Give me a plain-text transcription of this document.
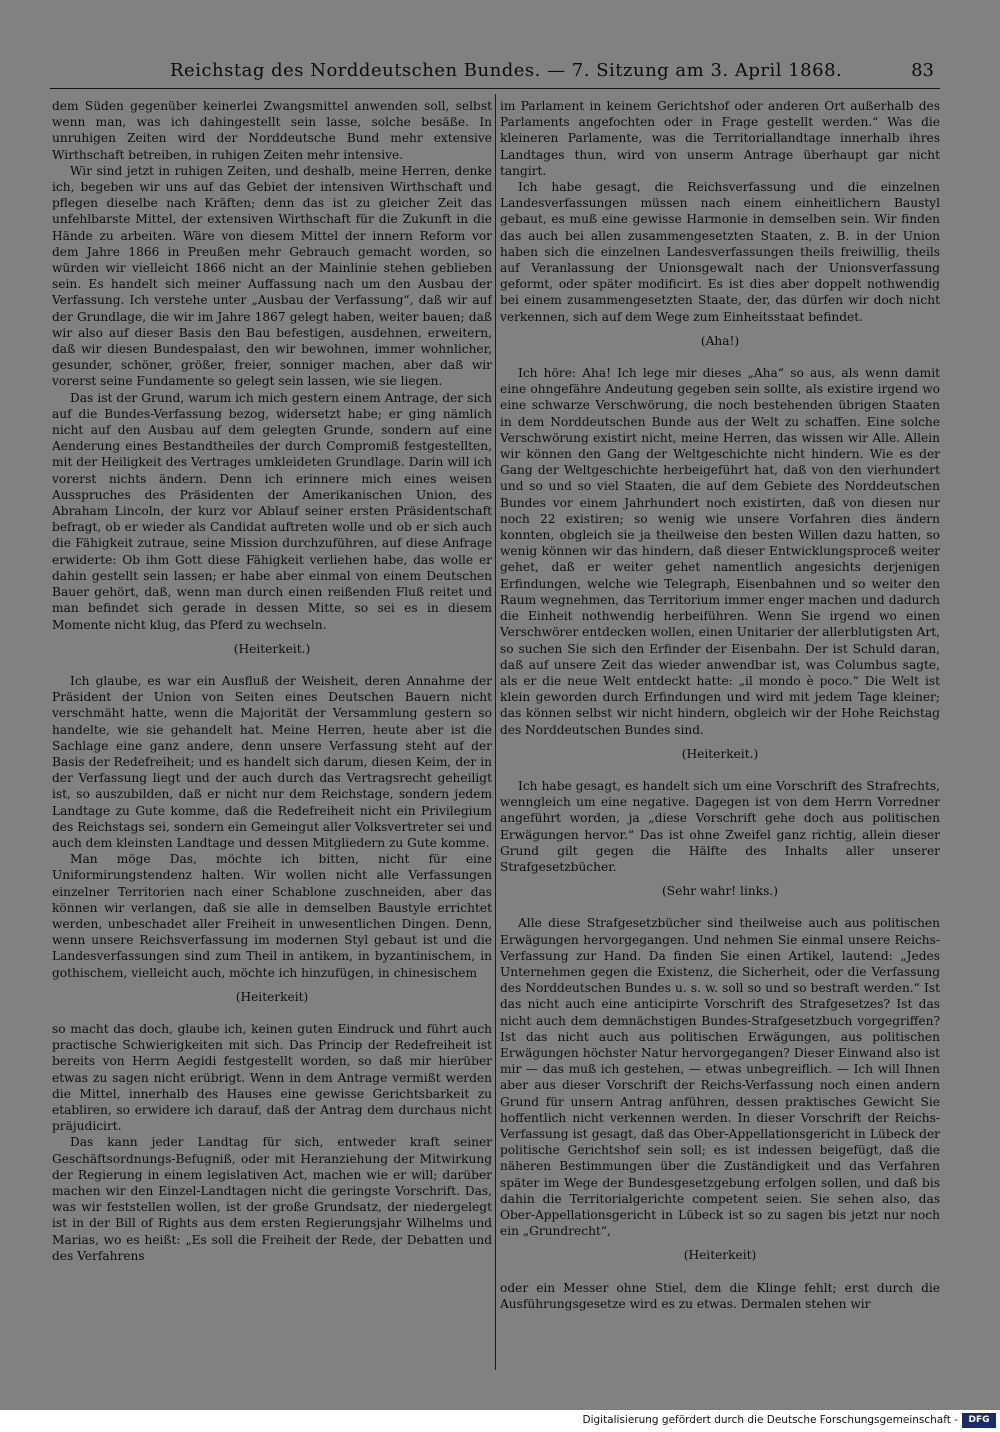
Reichstag des Norddeutschen Bundes. — 7. Sitzung am 3. April 1868.	83

dem Süden gegenüber keinerlei Zwangsmittel anwenden soll, selbst wenn man, was ich dahingestellt sein lasse, solche besäße. In unruhigen Zeiten wird der Norddeutsche Bund mehr extensive Wirthschaft betreiben, in ruhigen Zeiten mehr intensive.

Wir sind jetzt in ruhigen Zeiten, und deshalb, meine Herren, denke ich, begeben wir uns auf das Gebiet der intensiven Wirthschaft und pflegen dieselbe nach Kräften; denn das ist zu gleicher Zeit das unfehlbarste Mittel, der extensiven Wirthschaft für die Zukunft in die Hände zu arbeiten. Wäre von diesem Mittel der innern Reform vor dem Jahre 1866 in Preußen mehr Gebrauch gemacht worden, so würden wir vielleicht 1866 nicht an der Mainlinie stehen geblieben sein. Es handelt sich meiner Auffassung nach um den Ausbau der Verfassung. Ich verstehe unter „Ausbau der Verfassung“, daß wir auf der Grundlage, die wir im Jahre 1867 gelegt haben, weiter bauen; daß wir also auf dieser Basis den Bau befestigen, ausdehnen, erweitern, daß wir diesen Bundespalast, den wir bewohnen, immer wohnlicher, gesunder, schöner, größer, freier, sonniger machen, aber daß wir vorerst seine Fundamente so gelegt sein lassen, wie sie liegen.

Das ist der Grund, warum ich mich gestern einem Antrage, der sich auf die Bundes-Verfassung bezog, widersetzt habe; er ging nämlich nicht auf den Ausbau auf dem gelegten Grunde, sondern auf eine Aenderung eines Bestandtheiles der durch Compromiß festgestellten, mit der Heiligkeit des Vertrages umkleideten Grundlage. Darin will ich vorerst nichts ändern. Denn ich erinnere mich eines weisen Ausspruches des Präsidenten der Amerikanischen Union, des Abraham Lincoln, der kurz vor Ablauf seiner ersten Präsidentschaft befragt, ob er wieder als Candidat auftreten wolle und ob er sich auch die Fähigkeit zutraue, seine Mission durchzuführen, auf diese Anfrage erwiderte: Ob ihm Gott diese Fähigkeit verliehen habe, das wolle er dahin gestellt sein lassen; er habe aber einmal von einem Deutschen Bauer gehört, daß, wenn man durch einen reißenden Fluß reitet und man befindet sich gerade in dessen Mitte, so sei es in diesem Momente nicht klug, das Pferd zu wechseln.

(Heiterkeit.)

Ich glaube, es war ein Ausfluß der Weisheit, deren Annahme der Präsident der Union von Seiten eines Deutschen Bauern nicht verschmäht hatte, wenn die Majorität der Versammlung gestern so handelte, wie sie gehandelt hat. Meine Herren, heute aber ist die Sachlage eine ganz andere, denn unsere Verfassung steht auf der Basis der Redefreiheit; und es handelt sich darum, diesen Keim, der in der Verfassung liegt und der auch durch das Vertragsrecht geheiligt ist, so auszubilden, daß er nicht nur dem Reichstage, sondern jedem Landtage zu Gute komme, daß die Redefreiheit nicht ein Privilegium des Reichstags sei, sondern ein Gemeingut aller Volksvertreter sei und auch dem kleinsten Landtage und dessen Mitgliedern zu Gute komme.

Man möge Das, möchte ich bitten, nicht für eine Uniformirungstendenz halten. Wir wollen nicht alle Verfassungen einzelner Territorien nach einer Schablone zuschneiden, aber das können wir verlangen, daß sie alle in demselben Baustyle errichtet werden, unbeschadet aller Freiheit in unwesentlichen Dingen. Denn, wenn unsere Reichsverfassung im modernen Styl gebaut ist und die Landesverfassungen sind zum Theil in antikem, in byzantinischem, in gothischem, vielleicht auch, möchte ich hinzufügen, in chinesischem

(Heiterkeit)

so macht das doch, glaube ich, keinen guten Eindruck und führt auch practische Schwierigkeiten mit sich. Das Princip der Redefreiheit ist bereits von Herrn Aegidi festgestellt worden, so daß mir hierüber etwas zu sagen nicht erübrigt. Wenn in dem Antrage vermißt werden die Mittel, innerhalb des Hauses eine gewisse Gerichtsbarkeit zu etabliren, so erwidere ich darauf, daß der Antrag dem durchaus nicht präjudicirt.

Das kann jeder Landtag für sich, entweder kraft seiner Geschäftsordnungs-Befugniß, oder mit Heranziehung der Mitwirkung der Regierung in einem legislativen Act, machen wie er will; darüber machen wir den Einzel-Landtagen nicht die geringste Vorschrift. Das, was wir feststellen wollen, ist der große Grundsatz, der niedergelegt ist in der Bill of Rights aus dem ersten Regierungsjahr Wilhelms und Marias, wo es heißt: „Es soll die Freiheit der Rede, der Debatten und des Verfahrens

im Parlament in keinem Gerichtshof oder anderen Ort außerhalb des Parlaments angefochten oder in Frage gestellt werden.“ Was die kleineren Parlamente, was die Territoriallandtage innerhalb ihres Landtages thun, wird von unserm Antrage überhaupt gar nicht tangirt.

Ich habe gesagt, die Reichsverfassung und die einzelnen Landesverfassungen müssen nach einem einheitlichern Baustyl gebaut, es muß eine gewisse Harmonie in demselben sein. Wir finden das auch bei allen zusammengesetzten Staaten, z. B. in der Union haben sich die einzelnen Landesverfassungen theils freiwillig, theils auf Veranlassung der Unionsgewalt nach der Unionsverfassung geformt, oder später modificirt. Es ist dies aber doppelt nothwendig bei einem zusammengesetzten Staate, der, das dürfen wir doch nicht verkennen, sich auf dem Wege zum Einheitsstaat befindet.

(Aha!)

Ich höre: Aha! Ich lege mir dieses „Aha“ so aus, als wenn damit eine ohngefähre Andeutung gegeben sein sollte, als existire irgend wo eine schwarze Verschwörung, die noch bestehenden übrigen Staaten in dem Norddeutschen Bunde aus der Welt zu schaffen. Eine solche Verschwörung existirt nicht, meine Herren, das wissen wir Alle. Allein wir können den Gang der Weltgeschichte nicht hindern. Wie es der Gang der Weltgeschichte herbeigeführt hat, daß von den vierhundert und so und so viel Staaten, die auf dem Gebiete des Norddeutschen Bundes vor einem Jahrhundert noch existirten, daß von diesen nur noch 22 existiren; so wenig wie unsere Vorfahren dies ändern konnten, obgleich sie ja theilweise den besten Willen dazu hatten, so wenig können wir das hindern, daß dieser Entwicklungsproceß weiter gehet, daß er weiter gehet namentlich angesichts derjenigen Erfindungen, welche wie Telegraph, Eisenbahnen und so weiter den Raum wegnehmen, das Territorium immer enger machen und dadurch die Einheit nothwendig herbeiführen. Wenn Sie irgend wo einen Verschwörer entdecken wollen, einen Unitarier der allerblutigsten Art, so suchen Sie sich den Erfinder der Eisenbahn. Der ist Schuld daran, daß auf unsere Zeit das wieder anwendbar ist, was Columbus sagte, als er die neue Welt entdeckt hatte: „il mondo è poco.“ Die Welt ist klein geworden durch Erfindungen und wird mit jedem Tage kleiner; das können selbst wir nicht hindern, obgleich wir der Hohe Reichstag des Norddeutschen Bundes sind.

(Heiterkeit.)

Ich habe gesagt, es handelt sich um eine Vorschrift des Strafrechts, wenngleich um eine negative. Dagegen ist von dem Herrn Vorredner angeführt worden, ja „diese Vorschrift gehe doch aus politischen Erwägungen hervor.“ Das ist ohne Zweifel ganz richtig, allein dieser Grund gilt gegen die Hälfte des Inhalts aller unserer Strafgesetzbücher.

(Sehr wahr! links.)

Alle diese Strafgesetzbücher sind theilweise auch aus politischen Erwägungen hervorgegangen. Und nehmen Sie einmal unsere Reichs-Verfassung zur Hand. Da finden Sie einen Artikel, lautend: „Jedes Unternehmen gegen die Existenz, die Sicherheit, oder die Verfassung des Norddeutschen Bundes u. s. w. soll so und so bestraft werden.“ Ist das nicht auch eine anticipirte Vorschrift des Strafgesetzes? Ist das nicht auch dem demnächstigen Bundes-Strafgesetzbuch vorgegriffen? Ist das nicht auch aus politischen Erwägungen, aus politischen Erwägungen höchster Natur hervorgegangen? Dieser Einwand also ist mir — das muß ich gestehen, — etwas unbegreiflich. — Ich will Ihnen aber aus dieser Vorschrift der Reichs-Verfassung noch einen andern Grund für unsern Antrag anführen, dessen praktisches Gewicht Sie hoffentlich nicht verkennen werden. In dieser Vorschrift der Reichs-Verfassung ist gesagt, daß das Ober-Appellationsgericht in Lübeck der politische Gerichtshof sein soll; es ist indessen beigefügt, daß die näheren Bestimmungen über die Zuständigkeit und das Verfahren später im Wege der Bundesgesetzgebung erfolgen sollen, und daß bis dahin die Territorialgerichte competent seien. Sie sehen also, das Ober-Appellationsgericht in Lübeck ist so zu sagen bis jetzt nur noch ein „Grundrecht“,

(Heiterkeit)

oder ein Messer ohne Stiel, dem die Klinge fehlt; erst durch die Ausführungsgesetze wird es zu etwas. Dermalen stehen wir

Digitalisierung gefördert durch die Deutsche Forschungsgemeinschaft -	DFG
